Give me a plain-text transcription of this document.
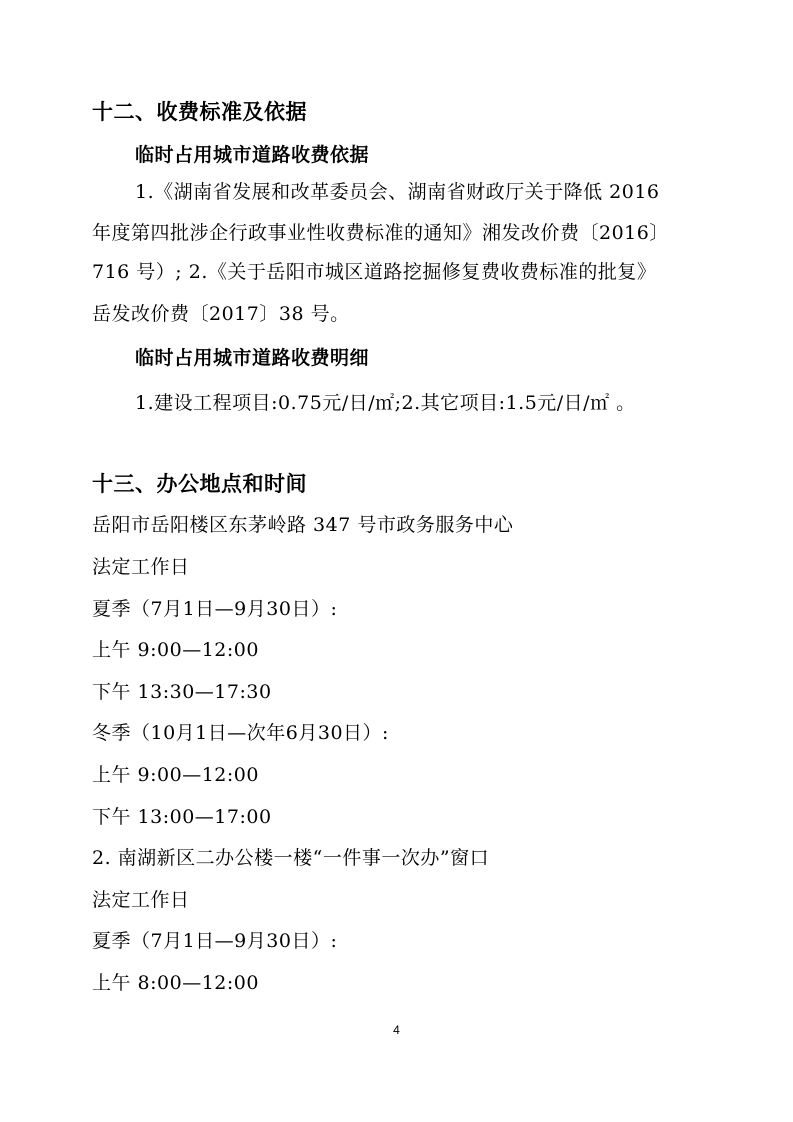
十二、收费标准及依据
临时占用城市道路收费依据
1.《湖南省发展和改革委员会、湖南省财政厅关于降低 2016
年度第四批涉企行政事业性收费标准的通知》湘发改价费〔2016〕
716 号）; 2.《关于岳阳市城区道路挖掘修复费收费标准的批复》
岳发改价费〔2017〕38 号。
临时占用城市道路收费明细
1.建设工程项目:0.75元/日/㎡;2.其它项目:1.5元/日/㎡ 。
十三、办公地点和时间
岳阳市岳阳楼区东茅岭路 347 号市政务服务中心
法定工作日
夏季（7月1日—9月30日）:
上午 9:00—12:00
下午 13:30—17:30
冬季（10月1日—次年6月30日）:
上午 9:00—12:00
下午 13:00—17:00
2. 南湖新区二办公楼一楼“一件事一次办”窗口
法定工作日
夏季（7月1日—9月30日）:
上午 8:00—12:00
4
